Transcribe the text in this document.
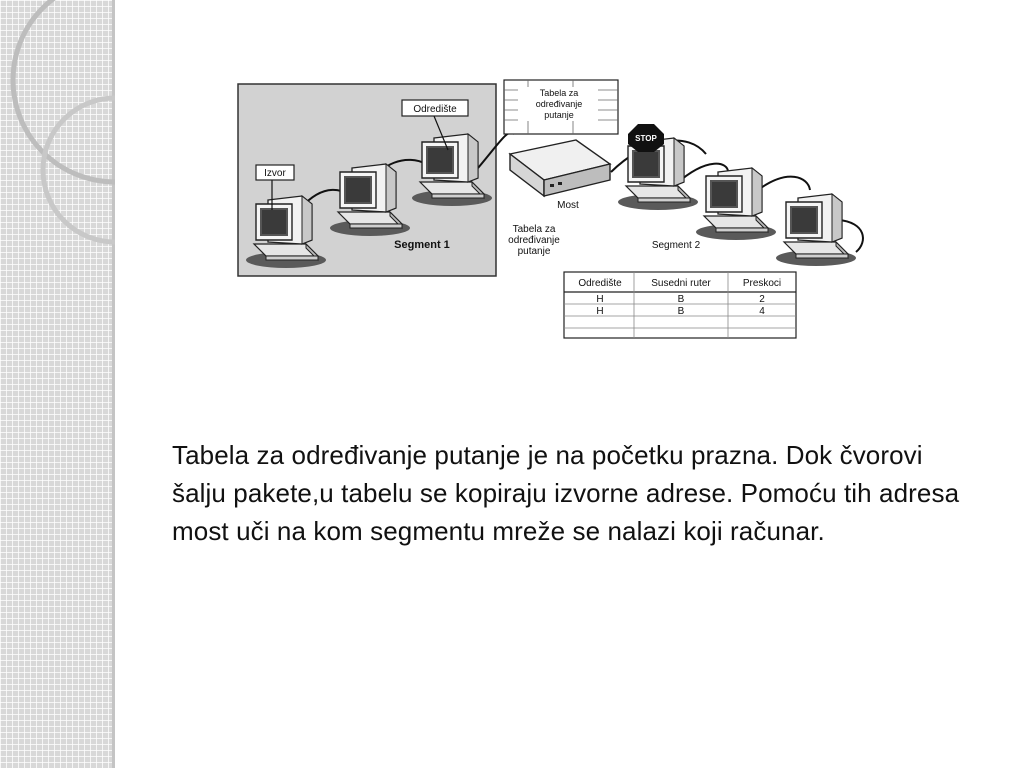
Most
STOP
Tabela za
određivanje
putanje
Odredište
Izvor
Segment 1
Tabela za
određivanje
putanje
Segment 2
Odredište	Susedni ruter	Preskoci
H	B	2
H	B	4

Tabela za određivanje putanje je na početku prazna. Dok čvorovi šalju pakete,u tabelu se kopiraju izvorne adrese. Pomoću tih adresa most uči na kom segmentu mreže se nalazi koji računar.
